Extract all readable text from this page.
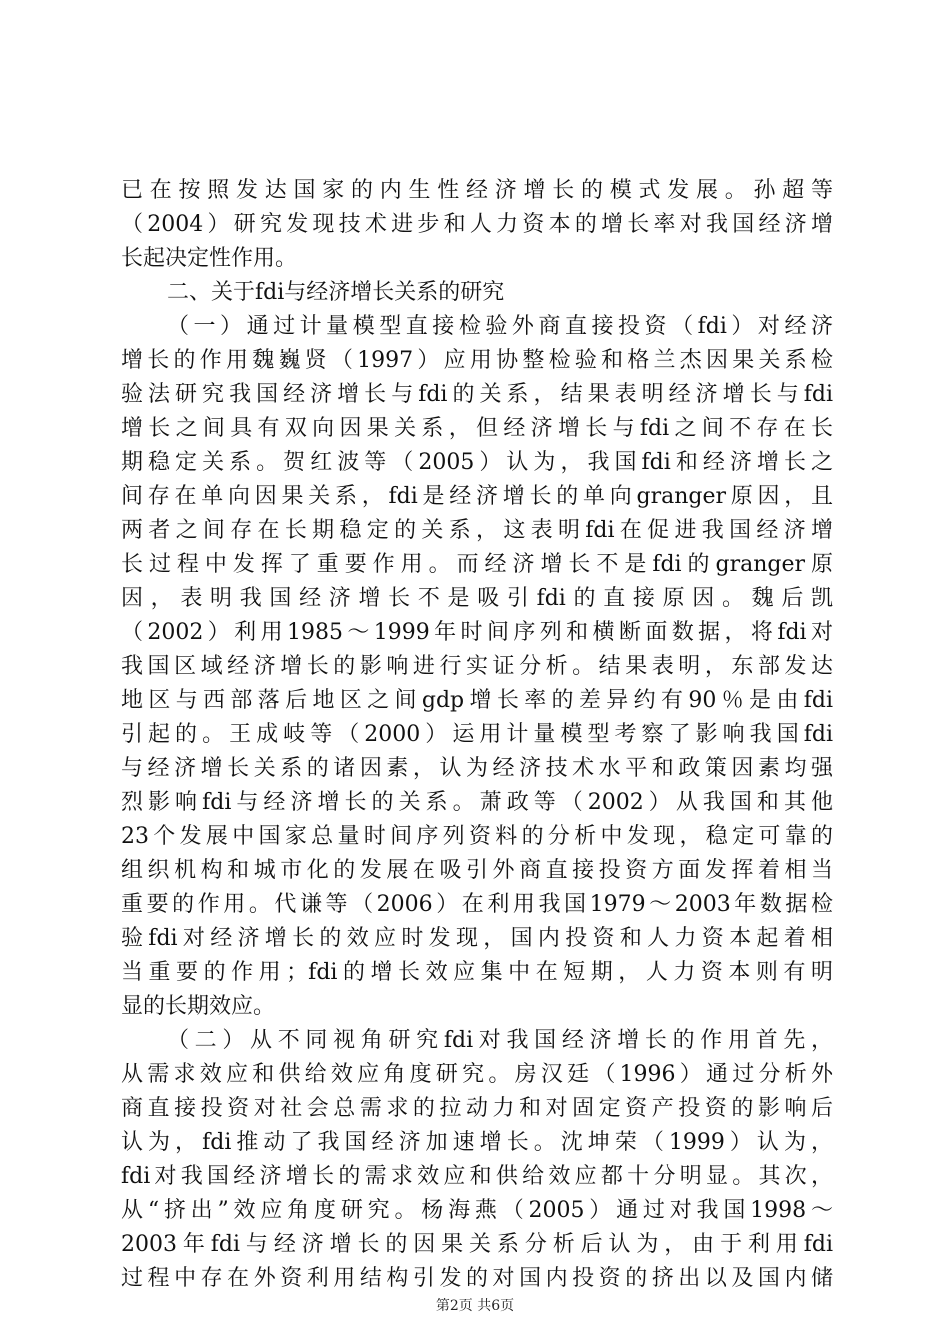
已在按照发达国家的内生性经济增长的模式发展。孙超等
（2004）研究发现技术进步和人力资本的增长率对我国经济增
长起决定性作用。
二、关于fdi与经济增长关系的研究
（一）通过计量模型直接检验外商直接投资（fdi）对经济
增长的作用魏巍贤（1997）应用协整检验和格兰杰因果关系检
验法研究我国经济增长与fdi的关系，结果表明经济增长与fdi
增长之间具有双向因果关系，但经济增长与fdi之间不存在长
期稳定关系。贺红波等（2005）认为，我国fdi和经济增长之
间存在单向因果关系，fdi是经济增长的单向granger原因，且
两者之间存在长期稳定的关系，这表明fdi在促进我国经济增
长过程中发挥了重要作用。而经济增长不是fdi的granger原
因，表明我国经济增长不是吸引fdi的直接原因。魏后凯
（2002）利用1985～1999年时间序列和横断面数据，将fdi对
我国区域经济增长的影响进行实证分析。结果表明，东部发达
地区与西部落后地区之间gdp增长率的差异约有90％是由fdi
引起的。王成岐等（2000）运用计量模型考察了影响我国fdi
与经济增长关系的诸因素，认为经济技术水平和政策因素均强
烈影响fdi与经济增长的关系。萧政等（2002）从我国和其他
23个发展中国家总量时间序列资料的分析中发现，稳定可靠的
组织机构和城市化的发展在吸引外商直接投资方面发挥着相当
重要的作用。代谦等（2006）在利用我国1979～2003年数据检
验fdi对经济增长的效应时发现，国内投资和人力资本起着相
当重要的作用；fdi的增长效应集中在短期，人力资本则有明
显的长期效应。
（二）从不同视角研究fdi对我国经济增长的作用首先，
从需求效应和供给效应角度研究。房汉廷（1996）通过分析外
商直接投资对社会总需求的拉动力和对固定资产投资的影响后
认为，fdi推动了我国经济加速增长。沈坤荣（1999）认为，
fdi对我国经济增长的需求效应和供给效应都十分明显。其次，
从“挤出”效应角度研究。杨海燕（2005）通过对我国1998～
2003年fdi与经济增长的因果关系分析后认为，由于利用fdi
过程中存在外资利用结构引发的对国内投资的挤出以及国内储
第2页 共6页
